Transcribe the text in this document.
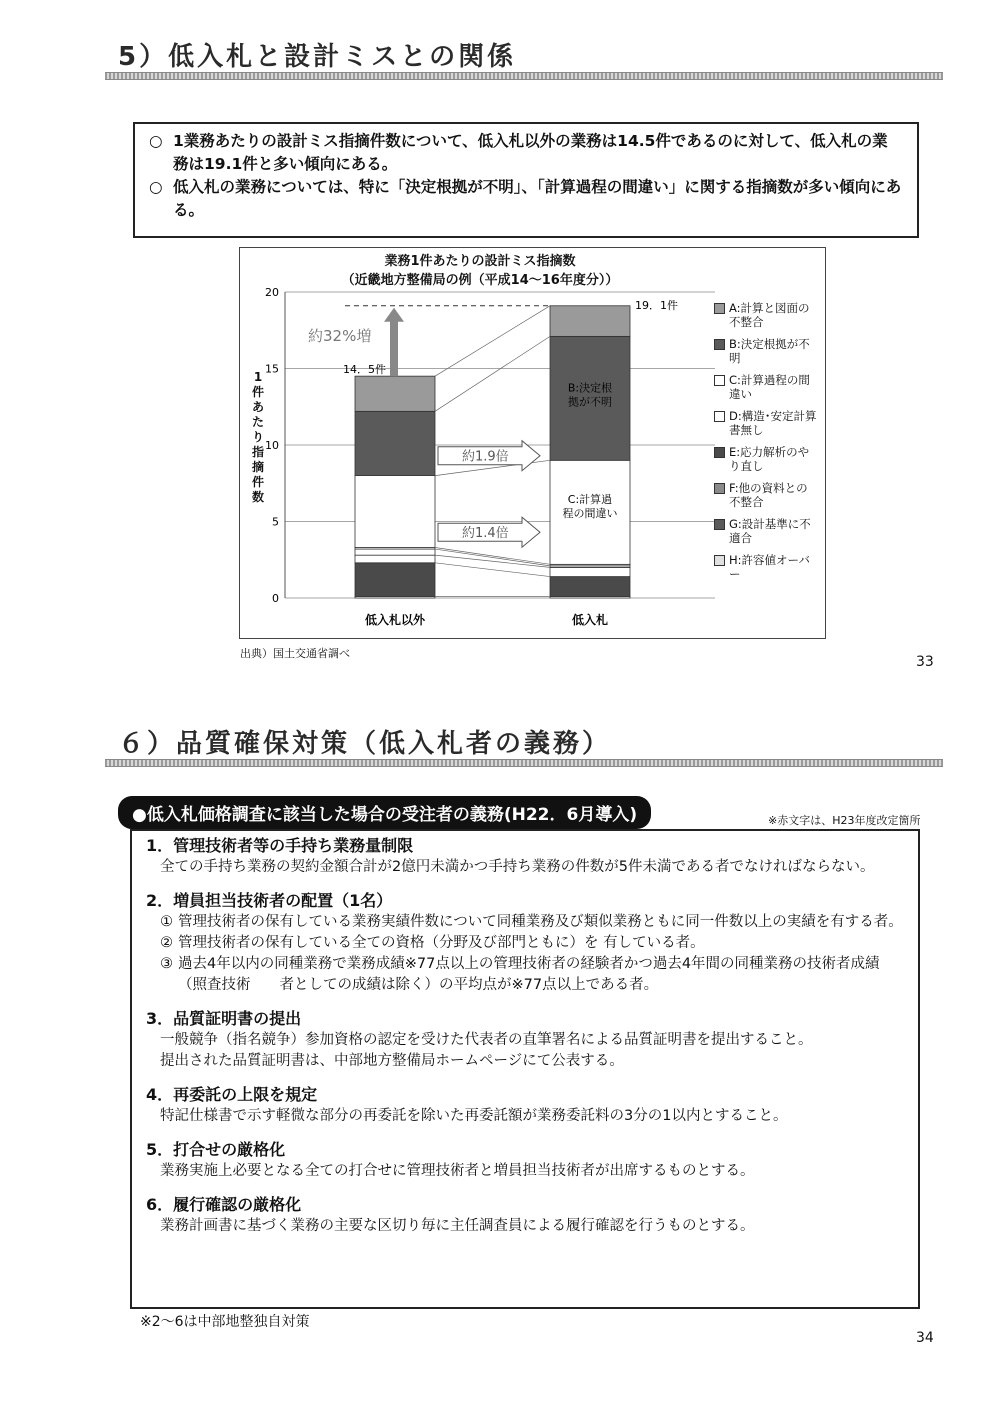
5）低入札と設計ミスとの関係
○ 1業務あたりの設計ミス指摘件数について、低入札以外の業務は14.5件であるのに対して、低入札の業務は19.1件と多い傾向にある。
○ 低入札の業務については、特に「決定根拠が不明」、「計算過程の間違い」に関する指摘数が多い傾向にある。
業務1件あたりの設計ミス指摘数
（近畿地方整備局の例（平成14～16年度分））
1件あたり指摘件数
0
5
10
15
20
低入札以外	低入札
14．5件
19．1件
約32%増
約1.9倍
約1.4倍
B:決定根拠が不明
C:計算過程の間違い
A:計算と図面の不整合
B:決定根拠が不明
C:計算過程の間違い
D:構造･安定計算書無し
E:応力解析のやり直し
F:他の資料との不整合
G:設計基準に不適合
H:許容値オーバー
出典）国土交通省調べ
33
６）品質確保対策（低入札者の義務）
●低入札価格調査に該当した場合の受注者の義務(H22．6月導入)	※赤文字は、H23年度改定箇所
1．管理技術者等の手持ち業務量制限
全ての手持ち業務の契約金額合計が2億円未満かつ手持ち業務の件数が5件未満である者でなければならない。
2．増員担当技術者の配置（1名）
① 管理技術者の保有している業務実績件数について同種業務及び類似業務ともに同一件数以上の実績を有する者。
② 管理技術者の保有している全ての資格（分野及び部門ともに）を 有している者。
③ 過去4年以内の同種業務で業務成績※77点以上の管理技術者の経験者かつ過去4年間の同種業務の技術者成績（照査技術　　者としての成績は除く）の平均点が※77点以上である者。
3．品質証明書の提出
一般競争（指名競争）参加資格の認定を受けた代表者の直筆署名による品質証明書を提出すること。
提出された品質証明書は、中部地方整備局ホームページにて公表する。
4．再委託の上限を規定
特記仕様書で示す軽微な部分の再委託を除いた再委託額が業務委託料の3分の1以内とすること。
5．打合せの厳格化
業務実施上必要となる全ての打合せに管理技術者と増員担当技術者が出席するものとする。
6．履行確認の厳格化
業務計画書に基づく業務の主要な区切り毎に主任調査員による履行確認を行うものとする。
※2～6は中部地整独自対策
34
